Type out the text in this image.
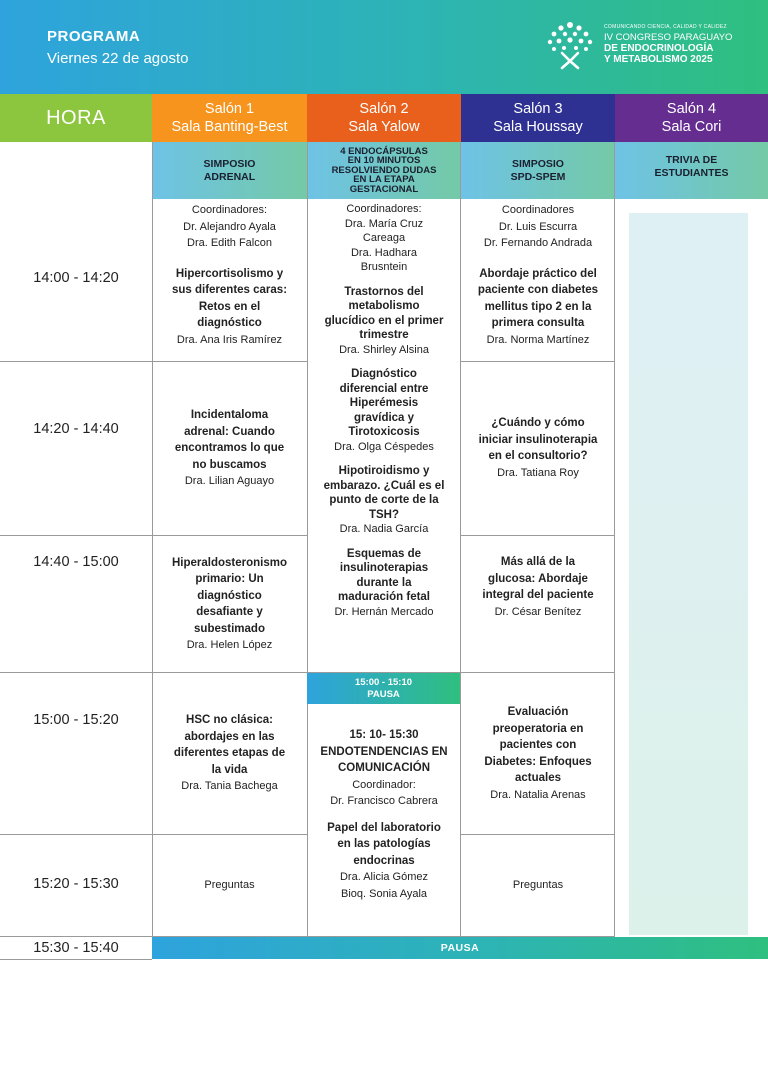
PROGRAMA
Viernes 22 de agosto
COMUNICANDO CIENCIA, CALIDAD Y CALIDEZ
IV CONGRESO PARAGUAYO
DE ENDOCRINOLOGÍA
Y METABOLISMO 2025
HORA	Salón 1
Sala Banting-Best
Salón 2
Sala Yalow
Salón 3
Sala Houssay
Salón 4
Sala Cori
SIMPOSIO
ADRENAL
4 ENDOCÁPSULAS
EN 10 MINUTOS
RESOLVIENDO DUDAS
EN LA ETAPA
GESTACIONAL
SIMPOSIO
SPD-SPEM
TRIVIA DE
ESTUDIANTES
14:00 - 14:20
14:20 - 14:40
14:40 - 15:00
15:00 - 15:20
15:20 - 15:30
15:30 - 15:40
Coordinadores:
Dr. Alejandro Ayala
Dra. Edith Falcon
Hipercortisolismo y
sus diferentes caras:
Retos en el
diagnóstico
Dra. Ana Iris Ramírez
Incidentaloma
adrenal: Cuando
encontramos lo que
no buscamos
Dra. Lilian Aguayo
Hiperaldosteronismo
primario: Un
diagnóstico
desafiante y
subestimado
Dra. Helen López
HSC no clásica:
abordajes en las
diferentes etapas de
la vida
Dra. Tania Bachega
Preguntas
Coordinadores:
Dra. María Cruz
Careaga
Dra. Hadhara
Brusntein
Trastornos del
metabolismo
glucídico en el primer
trimestre
Dra. Shirley Alsina
Diagnóstico
diferencial entre
Hiperémesis
gravídica y
Tirotoxicosis
Dra. Olga Céspedes
Hipotiroidismo y
embarazo. ¿Cuál es el
punto de corte de la
TSH?
Dra. Nadia García
Esquemas de
insulinoterapias
durante la
maduración fetal
Dr. Hernán Mercado
15:00 - 15:10
PAUSA
15: 10- 15:30
ENDOTENDENCIAS EN
COMUNICACIÓN
Coordinador:
Dr. Francisco Cabrera
Papel del laboratorio
en las patologías
endocrinas
Dra. Alicia Gómez
Bioq. Sonia Ayala
Coordinadores
Dr. Luis Escurra
Dr. Fernando Andrada
Abordaje práctico del
paciente con diabetes
mellitus tipo 2 en la
primera consulta
Dra. Norma Martínez
¿Cuándo y cómo
iniciar insulinoterapia
en el consultorio?
Dra. Tatiana Roy
Más allá de la
glucosa: Abordaje
integral del paciente
Dr. César Benítez
Evaluación
preoperatoria en
pacientes con
Diabetes: Enfoques
actuales
Dra. Natalia Arenas
Preguntas
PAUSA
